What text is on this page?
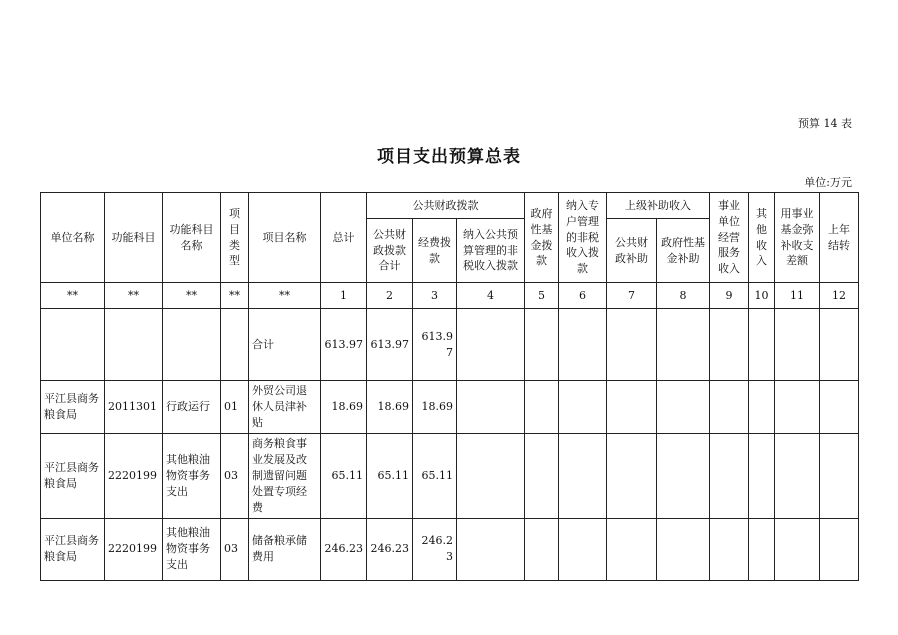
预算 14 表
项目支出预算总表
单位:万元
单位名称	功能科目	功能科目名称	项目类型	项目名称	总计	公共财政拨款			政府性基金拨款	纳入专户管理的非税收入拨款	上级补助收入		事业单位经营服务收入	其他收入	用事业基金弥补收支差额	上年结转
						公共财政拨款合计	经费拨款	纳入公共预算管理的非税收入拨款			公共财政补助	政府性基金补助				
**	**	**	**	**	1	2	3	4	5	6	7	8	9	10	11	12
				合计	613.97	613.97	613.97									
平江县商务粮食局	2011301	行政运行	01	外贸公司退休人员津补贴	18.69	18.69	18.69									
平江县商务粮食局	2220199	其他粮油物资事务支出	03	商务粮食事业发展及改制遗留问题处置专项经费	65.11	65.11	65.11									
平江县商务粮食局	2220199	其他粮油物资事务支出	03	储备粮承储费用	246.23	246.23	246.23									
